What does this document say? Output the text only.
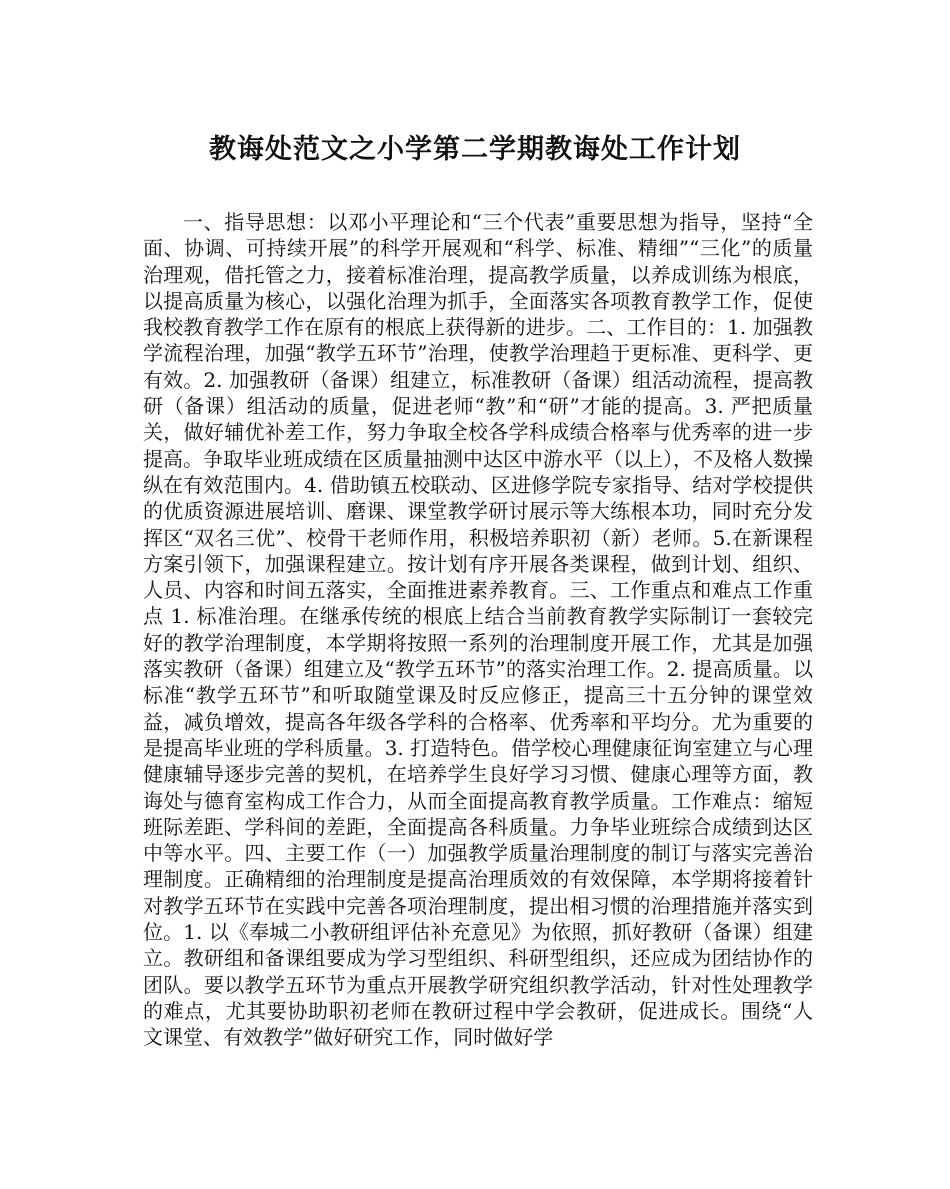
教诲处范文之小学第二学期教诲处工作计划

一、指导思想：以邓小平理论和“三个代表”重要思想为指导，坚持“全面、协调、可持续开展”的科学开展观和“科学、标准、精细”“三化”的质量治理观，借托管之力，接着标准治理，提高教学质量，以养成训练为根底，以提高质量为核心，以强化治理为抓手，全面落实各项教育教学工作，促使我校教育教学工作在原有的根底上获得新的进步。二、工作目的：1. 加强教学流程治理，加强“教学五环节”治理，使教学治理趋于更标准、更科学、更有效。2. 加强教研（备课）组建立，标准教研（备课）组活动流程，提高教研（备课）组活动的质量，促进老师“教”和“研”才能的提高。3. 严把质量关，做好辅优补差工作，努力争取全校各学科成绩合格率与优秀率的进一步提高。争取毕业班成绩在区质量抽测中达区中游水平（以上），不及格人数操纵在有效范围内。4. 借助镇五校联动、区进修学院专家指导、结对学校提供的优质资源进展培训、磨课、课堂教学研讨展示等大练根本功，同时充分发挥区“双名三优”、校骨干老师作用，积极培养职初（新）老师。5.在新课程方案引领下，加强课程建立。按计划有序开展各类课程，做到计划、组织、人员、内容和时间五落实，全面推进素养教育。三、工作重点和难点工作重点 1. 标准治理。在继承传统的根底上结合当前教育教学实际制订一套较完好的教学治理制度，本学期将按照一系列的治理制度开展工作，尤其是加强落实教研（备课）组建立及“教学五环节”的落实治理工作。2. 提高质量。以标准“教学五环节”和听取随堂课及时反应修正，提高三十五分钟的课堂效益，减负增效，提高各年级各学科的合格率、优秀率和平均分。尤为重要的是提高毕业班的学科质量。3. 打造特色。借学校心理健康征询室建立与心理健康辅导逐步完善的契机，在培养学生良好学习习惯、健康心理等方面，教诲处与德育室构成工作合力，从而全面提高教育教学质量。工作难点：缩短班际差距、学科间的差距，全面提高各科质量。力争毕业班综合成绩到达区中等水平。四、主要工作（一）加强教学质量治理制度的制订与落实完善治理制度。正确精细的治理制度是提高治理质效的有效保障，本学期将接着针对教学五环节在实践中完善各项治理制度，提出相习惯的治理措施并落实到位。1. 以《奉城二小教研组评估补充意见》为依照，抓好教研（备课）组建立。教研组和备课组要成为学习型组织、科研型组织，还应成为团结协作的团队。要以教学五环节为重点开展教学研究组织教学活动，针对性处理教学的难点，尤其要协助职初老师在教研过程中学会教研，促进成长。围绕“人文课堂、有效教学”做好研究工作，同时做好学
